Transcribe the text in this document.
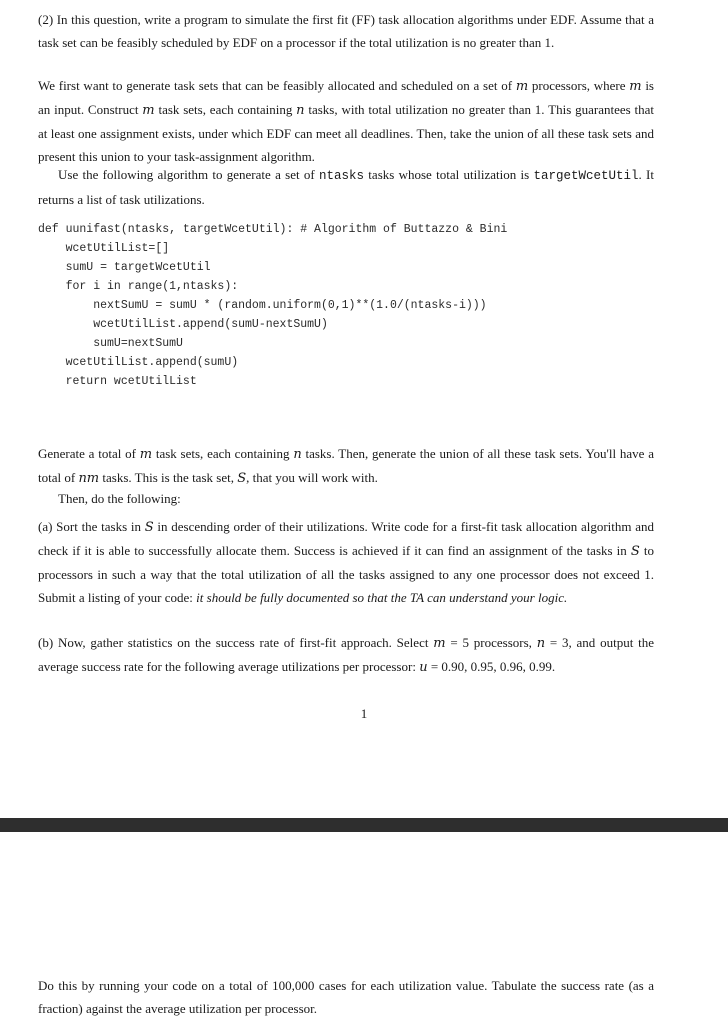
(2) In this question, write a program to simulate the first fit (FF) task allocation algorithms under EDF. Assume that a task set can be feasibly scheduled by EDF on a processor if the total utilization is no greater than 1.

We first want to generate task sets that can be feasibly allocated and scheduled on a set of m processors, where m is an input. Construct m task sets, each containing n tasks, with total utilization no greater than 1. This guarantees that at least one assignment exists, under which EDF can meet all deadlines. Then, take the union of all these task sets and present this union to your task-assignment algorithm.

Use the following algorithm to generate a set of ntasks tasks whose total utilization is targetWcetUtil. It returns a list of task utilizations.

def uunifast(ntasks, targetWcetUtil): # Algorithm of Buttazzo & Bini
wcetUtilList=[]
sumU = targetWcetUtil
for i in range(1,ntasks):
nextSumU = sumU * (random.uniform(0,1)**(1.0/(ntasks-i)))
wcetUtilList.append(sumU-nextSumU)
sumU=nextSumU
wcetUtilList.append(sumU)
return wcetUtilList

Generate a total of m task sets, each containing n tasks. Then, generate the union of all these task sets. You'll have a total of nm tasks. This is the task set, S, that you will work with.

Then, do the following:

(a) Sort the tasks in S in descending order of their utilizations. Write code for a first-fit task allocation algorithm and check if it is able to successfully allocate them. Success is achieved if it can find an assignment of the tasks in S to processors in such a way that the total utilization of all the tasks assigned to any one processor does not exceed 1. Submit a listing of your code: it should be fully documented so that the TA can understand your logic.

(b) Now, gather statistics on the success rate of first-fit approach. Select m = 5 processors, n = 3, and output the average success rate for the following average utilizations per processor: u = 0.90, 0.95, 0.96, 0.99.

1

Do this by running your code on a total of 100,000 cases for each utilization value. Tabulate the success rate (as a fraction) against the average utilization per processor.
